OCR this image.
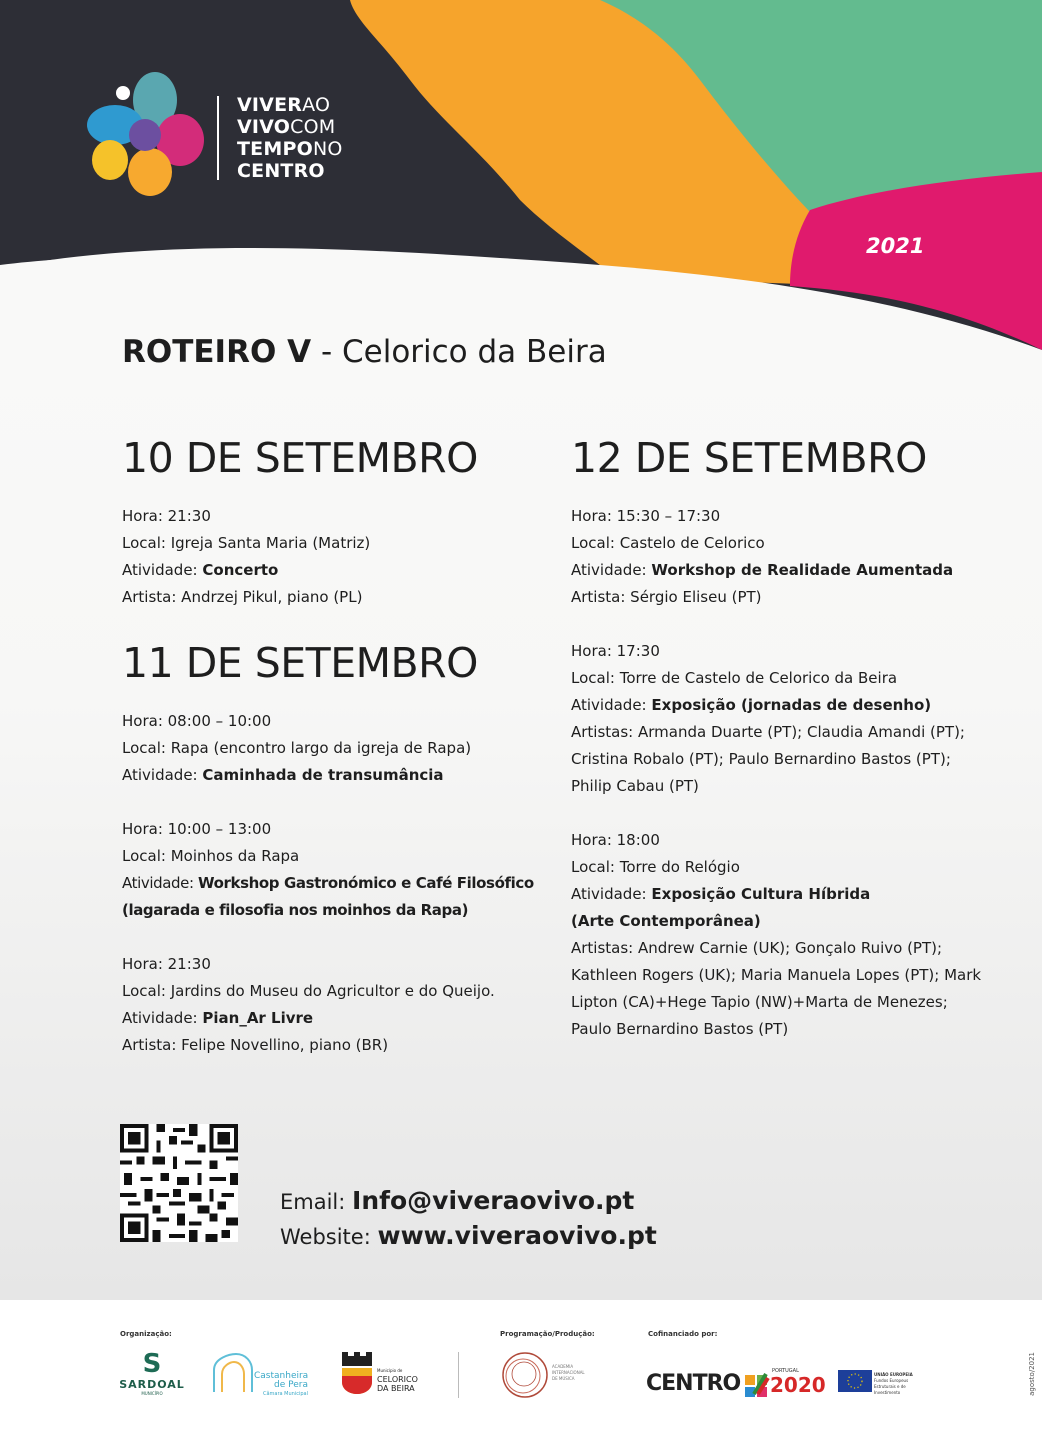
VIVERAO
VIVOCOM
TEMPONO
CENTRO
2021
ROTEIRO V - Celorico da Beira
10 DE SETEMBRO
Hora: 21:30
Local: Igreja Santa Maria (Matriz)
Atividade: Concerto
Artista: Andrzej Pikul, piano (PL)
11 DE SETEMBRO
Hora: 08:00 – 10:00
Local: Rapa (encontro largo da igreja de Rapa)
Atividade: Caminhada de transumância
Hora: 10:00 – 13:00
Local: Moinhos da Rapa
Atividade: Workshop Gastronómico e Café Filosófico
(lagarada e filosofia nos moinhos da Rapa)
Hora: 21:30
Local: Jardins do Museu do Agricultor e do Queijo.
Atividade: Pian_Ar Livre
Artista: Felipe Novellino, piano (BR)
12 DE SETEMBRO
Hora: 15:30 – 17:30
Local: Castelo de Celorico
Atividade: Workshop de Realidade Aumentada
Artista: Sérgio Eliseu (PT)
Hora: 17:30
Local: Torre de Castelo de Celorico da Beira
Atividade: Exposição (jornadas de desenho)
Artistas: Armanda Duarte (PT); Claudia Amandi (PT);
Cristina Robalo (PT); Paulo Bernardino Bastos (PT);
Philip Cabau (PT)
Hora: 18:00
Local: Torre do Relógio
Atividade: Exposição Cultura Híbrida
(Arte Contemporânea)
Artistas: Andrew Carnie (UK); Gonçalo Ruivo (PT);
Kathleen Rogers (UK); Maria Manuela Lopes (PT); Mark
Lipton (CA)+Hege Tapio (NW)+Marta de Menezes;
Paulo Bernardino Bastos (PT)
Email: Info@viveraovivo.pt
Website: www.viveraovivo.pt
Organização:	Programação/Produção:	Cofinanciado por:
agosto/2021
S
SARDOAL
MUNICÍPIO
Castanheira
de Pera
Câmara Municipal
Município de
CELORICO
DA BEIRA
ACADEMIA
INTERNACIONAL
DE MÚSICA	CENTRO	PORTUGAL
2020	UNIÃO EUROPEIA
Fundos Europeus
Estruturais e de Investimento
